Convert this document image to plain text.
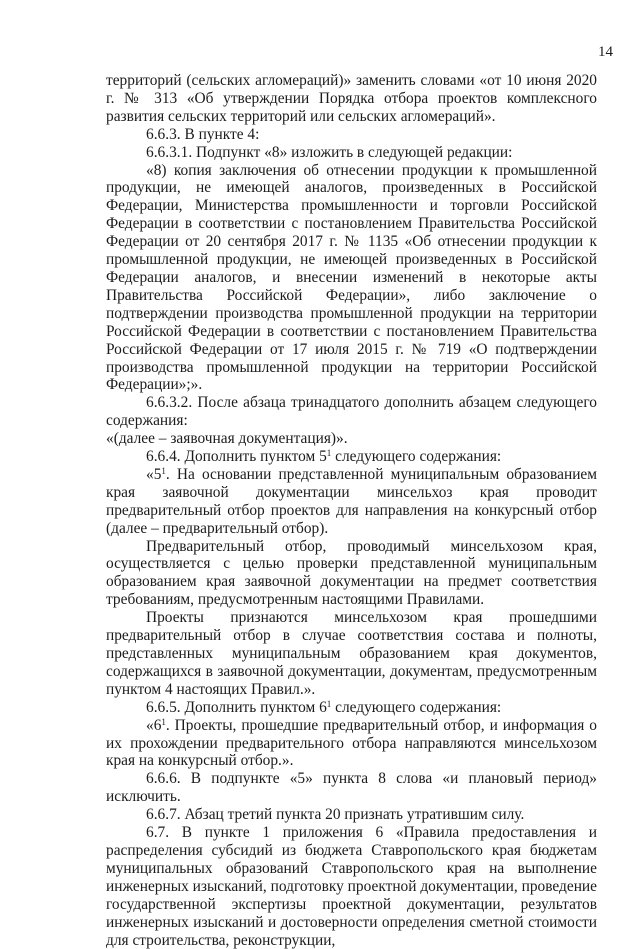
14

территорий (сельских агломераций)» заменить словами «от 10 июня 2020 г. № 313 «Об утверждении Порядка отбора проектов комплексного развития сельских территорий или сельских агломераций».

6.6.3. В пункте 4:

6.6.3.1. Подпункт «8» изложить в следующей редакции:

«8) копия заключения об отнесении продукции к промышленной продукции, не имеющей аналогов, произведенных в Российской Федерации, Министерства промышленности и торговли Российской Федерации в соответствии с постановлением Правительства Российской Федерации от 20 сентября 2017 г. № 1135 «Об отнесении продукции к промышленной продукции, не имеющей произведенных в Российской Федерации аналогов, и внесении изменений в некоторые акты Правительства Российской Федерации», либо заключение о подтверждении производства промышленной продукции на территории Российской Федерации в соответствии с постановлением Правительства Российской Федерации от 17 июля 2015 г. № 719 «О подтверждении производства промышленной продукции на территории Российской Федерации»;».

6.6.3.2. После абзаца тринадцатого дополнить абзацем следующего содержания:

«(далее – заявочная документация)».

6.6.4. Дополнить пунктом $5^1$ следующего содержания:

«$5^1$. На основании представленной муниципальным образованием края заявочной документации минсельхоз края проводит предварительный отбор проектов для направления на конкурсный отбор (далее – предварительный отбор).

Предварительный отбор, проводимый минсельхозом края, осуществляется с целью проверки представленной муниципальным образованием края заявочной документации на предмет соответствия требованиям, предусмотренным настоящими Правилами.

Проекты признаются минсельхозом края прошедшими предварительный отбор в случае соответствия состава и полноты, представленных муниципальным образованием края документов, содержащихся в заявочной документации, документам, предусмотренным пунктом 4 настоящих Правил.».

6.6.5. Дополнить пунктом $6^1$ следующего содержания:

«$6^1$. Проекты, прошедшие предварительный отбор, и информация о их прохождении предварительного отбора направляются минсельхозом края на конкурсный отбор.».

6.6.6. В подпункте «5» пункта 8 слова «и плановый период» исключить.

6.6.7. Абзац третий пункта 20 признать утратившим силу.

6.7. В пункте 1 приложения 6 «Правила предоставления и распределения субсидий из бюджета Ставропольского края бюджетам муниципальных образований Ставропольского края на выполнение инженерных изысканий, подготовку проектной документации, проведение государственной экспертизы проектной документации, результатов инженерных изысканий и достоверности определения сметной стоимости для строительства, реконструкции,
